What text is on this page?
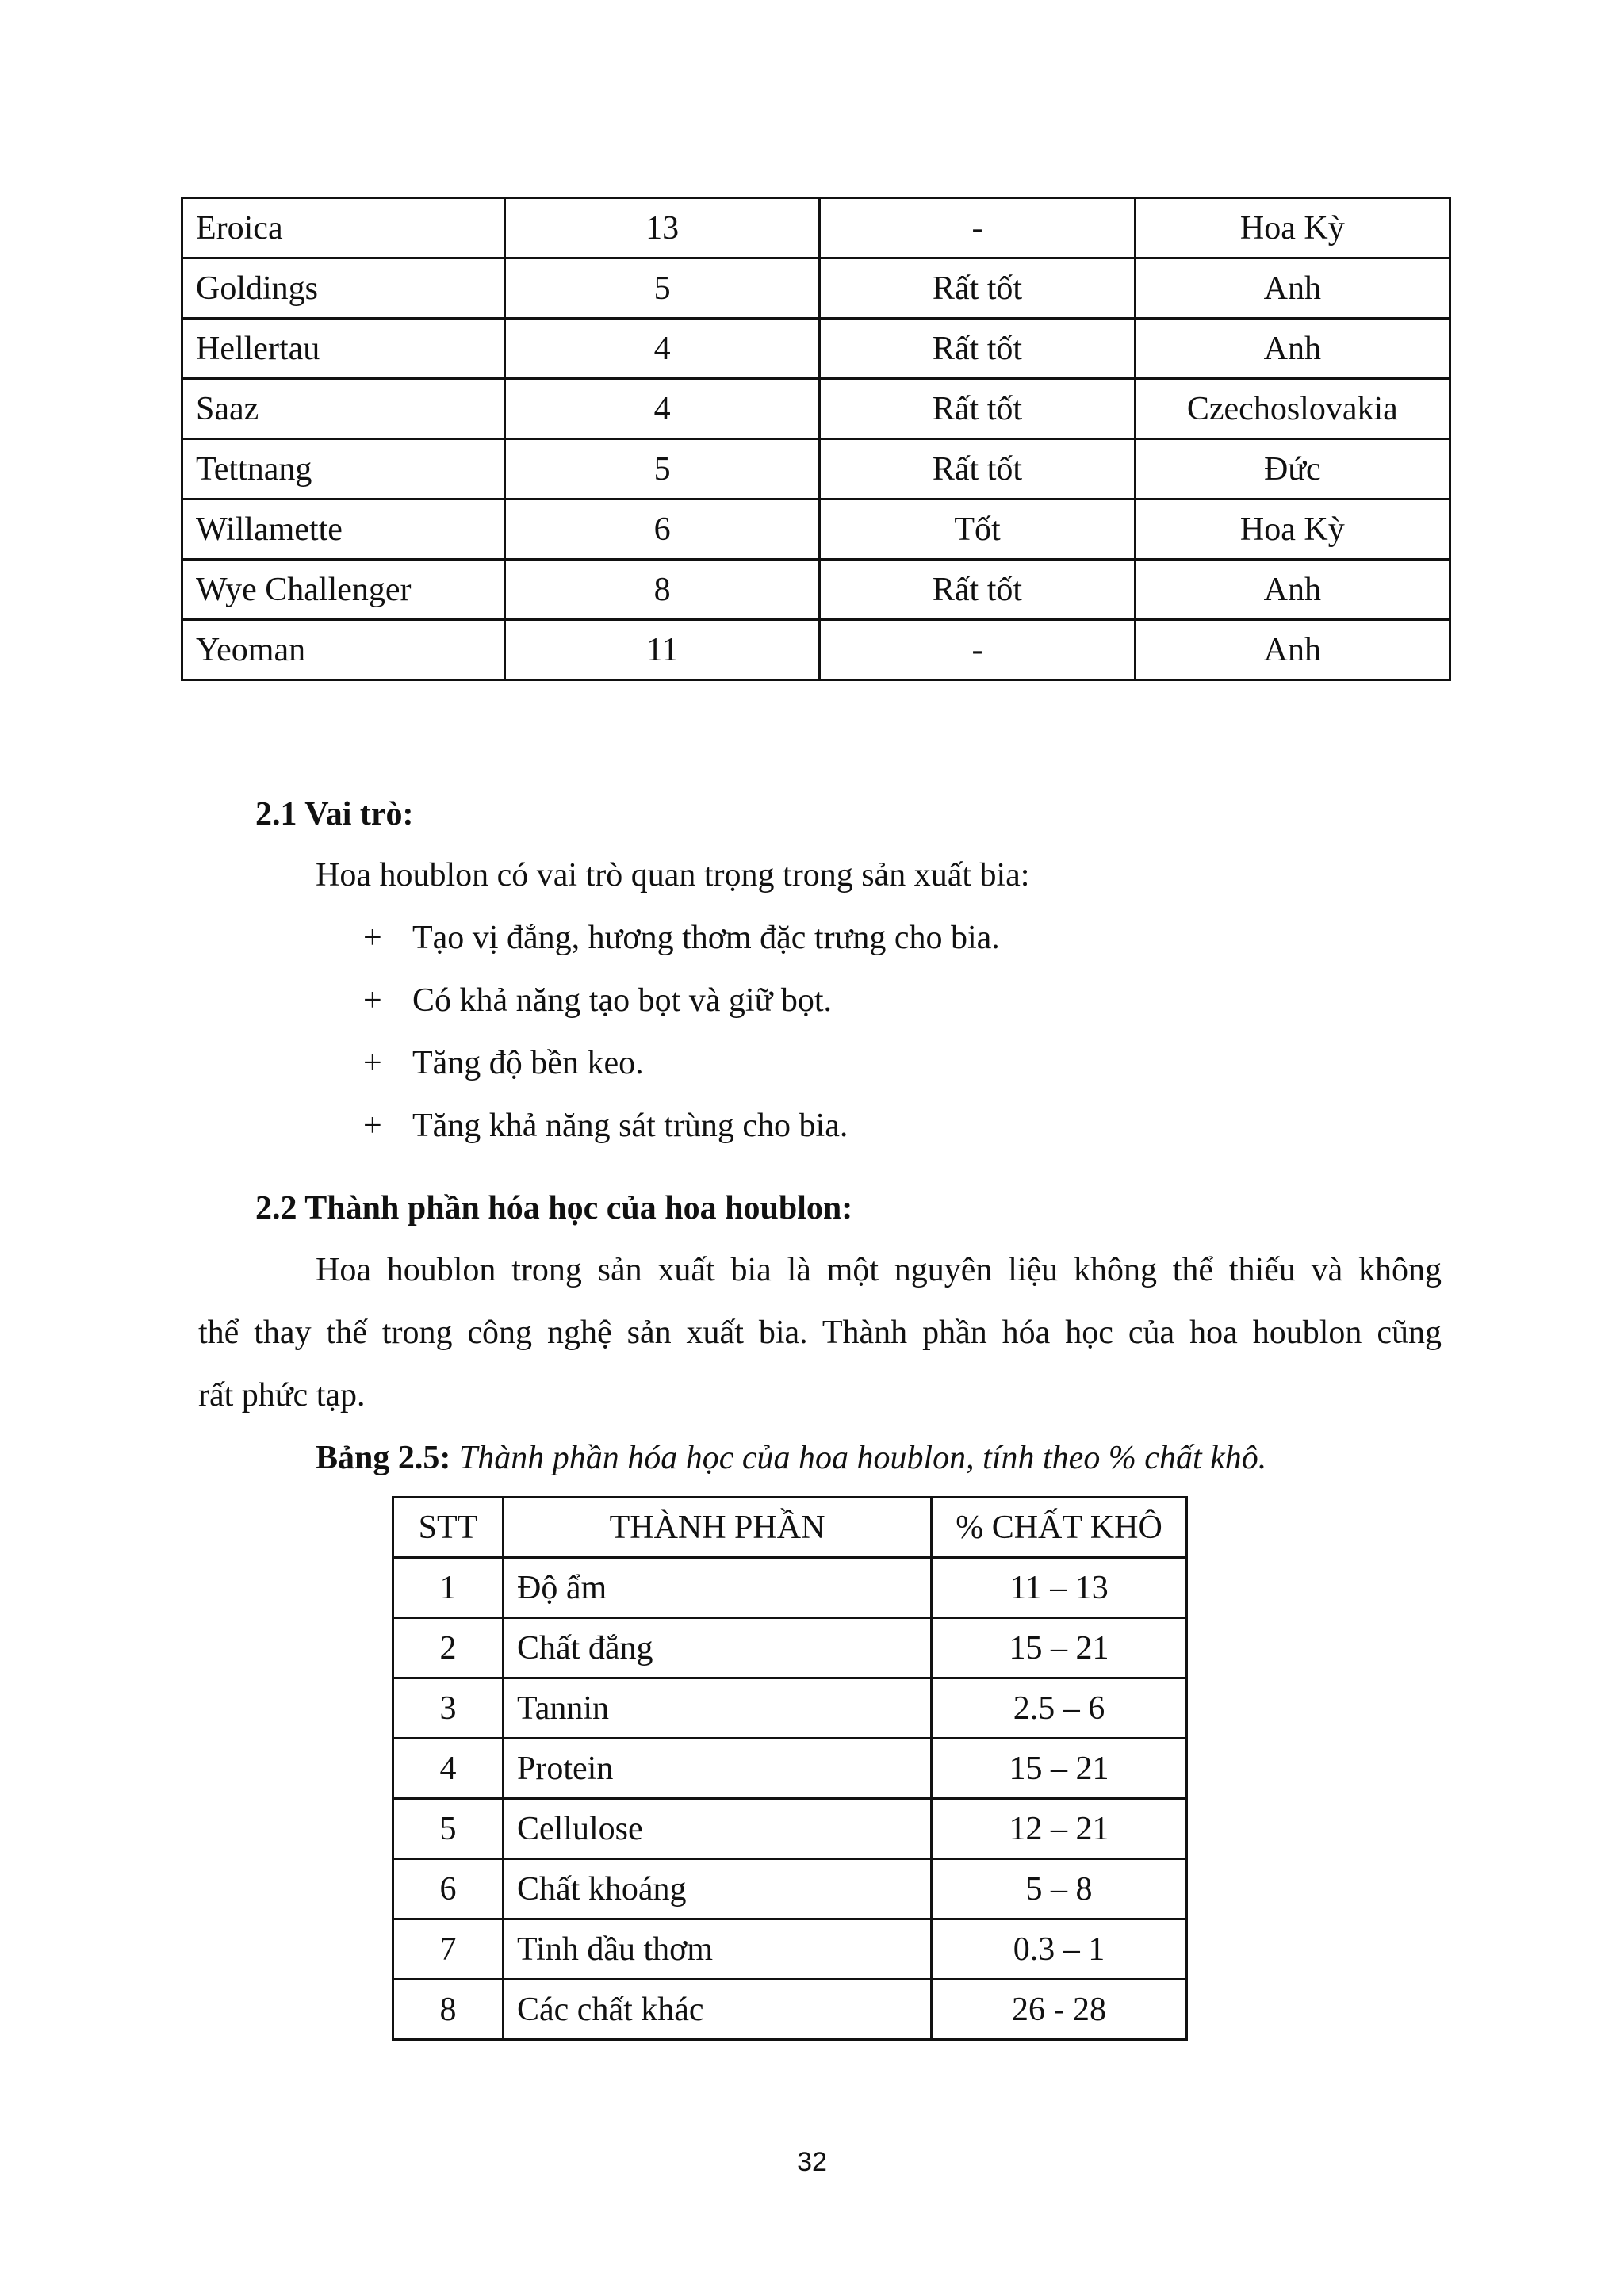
Eroica	13	-	Hoa Kỳ
Goldings	5	Rất tốt	Anh
Hellertau	4	Rất tốt	Anh
Saaz	4	Rất tốt	Czechoslovakia
Tettnang	5	Rất tốt	Đức
Willamette	6	Tốt	Hoa Kỳ
Wye Challenger	8	Rất tốt	Anh
Yeoman	11	-	Anh
2.1 Vai trò:
Hoa houblon có vai trò quan trọng trong sản xuất bia:
+ Tạo vị đắng, hương thơm đặc trưng cho bia.
+ Có khả năng tạo bọt và giữ bọt.
+ Tăng độ bền keo.
+ Tăng khả năng sát trùng cho bia.
2.2 Thành phần hóa học của hoa houblon:
Hoa houblon trong sản xuất bia là một nguyên liệu không thể thiếu và không
thể thay thế trong công nghệ sản xuất bia. Thành phần hóa học của hoa houblon cũng
rất phức tạp.
Bảng 2.5: Thành phần hóa học của hoa houblon, tính theo % chất khô.
STT	THÀNH PHẦN	% CHẤT KHÔ
1	Độ ẩm	11 – 13
2	Chất đắng	15 – 21
3	Tannin	2.5 – 6
4	Protein	15 – 21
5	Cellulose	12 – 21
6	Chất khoáng	5 – 8
7	Tinh dầu thơm	0.3 – 1
8	Các chất khác	26 - 28
32
